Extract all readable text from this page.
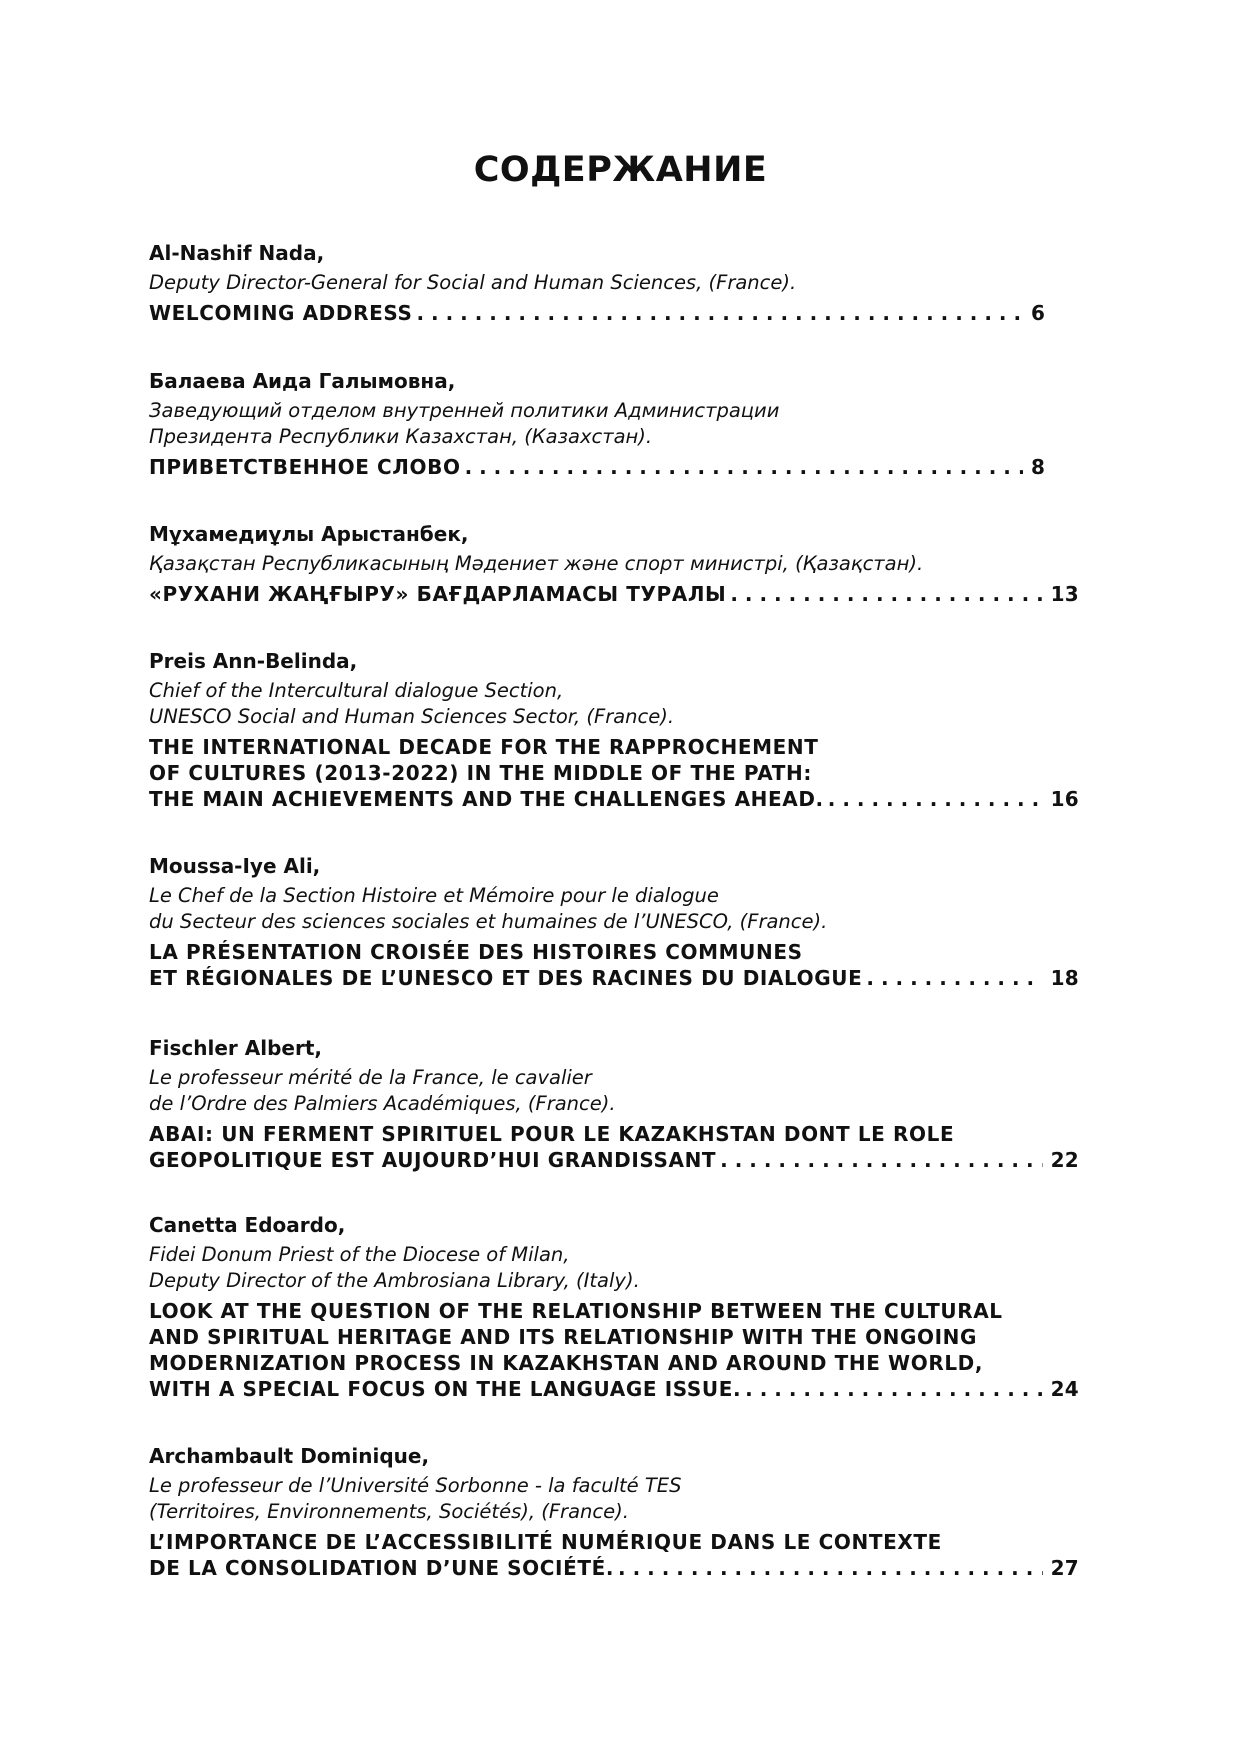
СОДЕРЖАНИЕ
Al-Nashif Nada,
Deputy Director-General for Social and Human Sciences, (France).
WELCOMING ADDRESS . . .	6
Балаева Аида Галымовна,
Заведующий отделом внутренней политики Администрации
Президента Республики Казахстан, (Казахстан).
ПРИВЕТСТВЕННОЕ СЛОВО . . .	8
Мұхамедиұлы Арыстанбек,
Қазақстан Республикасының Мәдениет және спорт министрі, (Қазақстан).
«РУХАНИ ЖАҢҒЫРУ» БАҒДАРЛАМАСЫ ТУРАЛЫ . . .	13
Preis Ann-Belinda,
Chief of the Intercultural dialogue Section,
UNESCO Social and Human Sciences Sector, (France).
THE INTERNATIONAL DECADE FOR THE RAPPROCHEMENT
OF CULTURES (2013-2022) IN THE MIDDLE OF THE PATH:
THE MAIN ACHIEVEMENTS AND THE CHALLENGES AHEAD. . . .	16
Moussa-Iye Ali,
Le Chef de la Section Histoire et Mémoire pour le dialogue
du Secteur des sciences sociales et humaines de l’UNESCO, (France).
LA PRÉSENTATION CROISÉE DES HISTOIRES COMMUNES
ET RÉGIONALES DE L’UNESCO ET DES RACINES DU DIALOGUE . . .	18
Fischler Albert,
Le professeur mérité de la France, le cavalier
de l’Ordre des Palmiers Académiques, (France).
ABAI: UN FERMENT SPIRITUEL POUR LE KAZAKHSTAN DONT LE ROLE
GEOPOLITIQUE EST AUJOURD’HUI GRANDISSANT . . .	22
Canetta Edoardo,
Fidei Donum Priest of the Diocese of Milan,
Deputy Director of the Ambrosiana Library, (Italy).
LOOK AT THE QUESTION OF THE RELATIONSHIP BETWEEN THE CULTURAL
AND SPIRITUAL HERITAGE AND ITS RELATIONSHIP WITH THE ONGOING
MODERNIZATION PROCESS IN KAZAKHSTAN AND AROUND THE WORLD,
WITH A SPECIAL FOCUS ON THE LANGUAGE ISSUE. . . .	24
Archambault Dominique,
Le professeur de l’Université Sorbonne - la faculté TES
(Territoires, Environnements, Sociétés), (France).
L’IMPORTANCE DE L’ACCESSIBILITÉ NUMÉRIQUE DANS LE CONTEXTE
DE LA CONSOLIDATION D’UNE SOCIÉTÉ. . . .	27
